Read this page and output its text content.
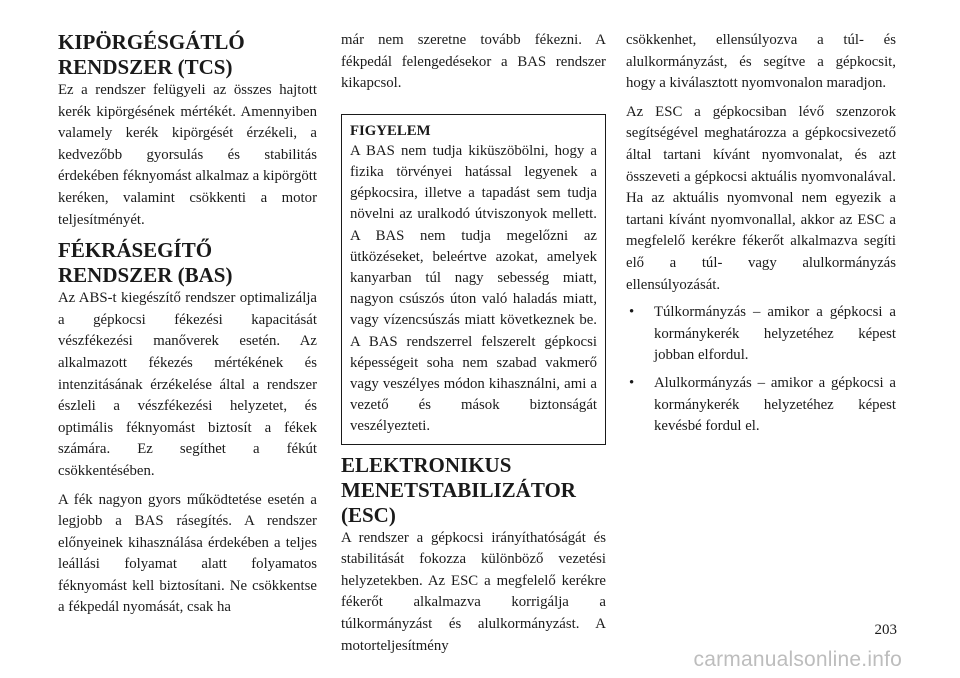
KIPÖRGÉSGÁTLÓ RENDSZER (TCS)

Ez a rendszer felügyeli az összes hajtott kerék kipörgésének mértékét. Amennyiben valamely kerék kipörgését érzékeli, a kedvezőbb gyorsulás és stabilitás érdekében féknyomást alkalmaz a kipörgött keréken, valamint csökkenti a motor teljesítményét.

FÉKRÁSEGÍTŐ RENDSZER (BAS)

Az ABS-t kiegészítő rendszer optimalizálja a gépkocsi fékezési kapacitását vészfékezési manőverek esetén. Az alkalmazott fékezés mértékének és intenzitásának érzékelése által a rendszer észleli a vészfékezési helyzetet, és optimális féknyomást biztosít a fékek számára. Ez segíthet a fékút csökkentésében.

A fék nagyon gyors működtetése esetén a legjobb a BAS rásegítés. A rendszer előnyeinek kihasználása érdekében a teljes leállási folyamat alatt folyamatos féknyomást kell biztosítani. Ne csökkentse a fékpedál nyomását, csak ha

már nem szeretne tovább fékezni. A fékpedál felengedésekor a BAS rendszer kikapcsol.

FIGYELEM

A BAS nem tudja kiküszöbölni, hogy a fizika törvényei hatással legyenek a gépkocsira, illetve a tapadást sem tudja növelni az uralkodó útviszonyok mellett. A BAS nem tudja megelőzni az ütközéseket, beleértve azokat, amelyek kanyarban túl nagy sebesség miatt, nagyon csúszós úton való haladás miatt, vagy vízencsúszás miatt következnek be. A BAS rendszerrel felszerelt gépkocsi képességeit soha nem szabad vakmerő vagy veszélyes módon kihasználni, ami a vezető és mások biztonságát veszélyezteti.

ELEKTRONIKUS MENETSTABILIZÁTOR (ESC)

A rendszer a gépkocsi irányíthatóságát és stabilitását fokozza különböző vezetési helyzetekben. Az ESC a megfelelő kerékre fékerőt alkalmazva korrigálja a túlkormányzást és alulkormányzást. A motorteljesítmény

csökkenhet, ellensúlyozva a túl- és alulkormányzást, és segítve a gépkocsit, hogy a kiválasztott nyomvonalon maradjon.

Az ESC a gépkocsiban lévő szenzorok segítségével meghatározza a gépkocsivezető által tartani kívánt nyomvonalat, és azt összeveti a gépkocsi aktuális nyomvonalával. Ha az aktuális nyomvonal nem egyezik a tartani kívánt nyomvonallal, akkor az ESC a megfelelő kerékre fékerőt alkalmazva segíti elő a túl- vagy alulkormányzás ellensúlyozását.

• Túlkormányzás – amikor a gépkocsi a kormánykerék helyzetéhez képest jobban elfordul.
• Alulkormányzás – amikor a gépkocsi a kormánykerék helyzetéhez képest kevésbé fordul el.
203
carmanualsonline.info
